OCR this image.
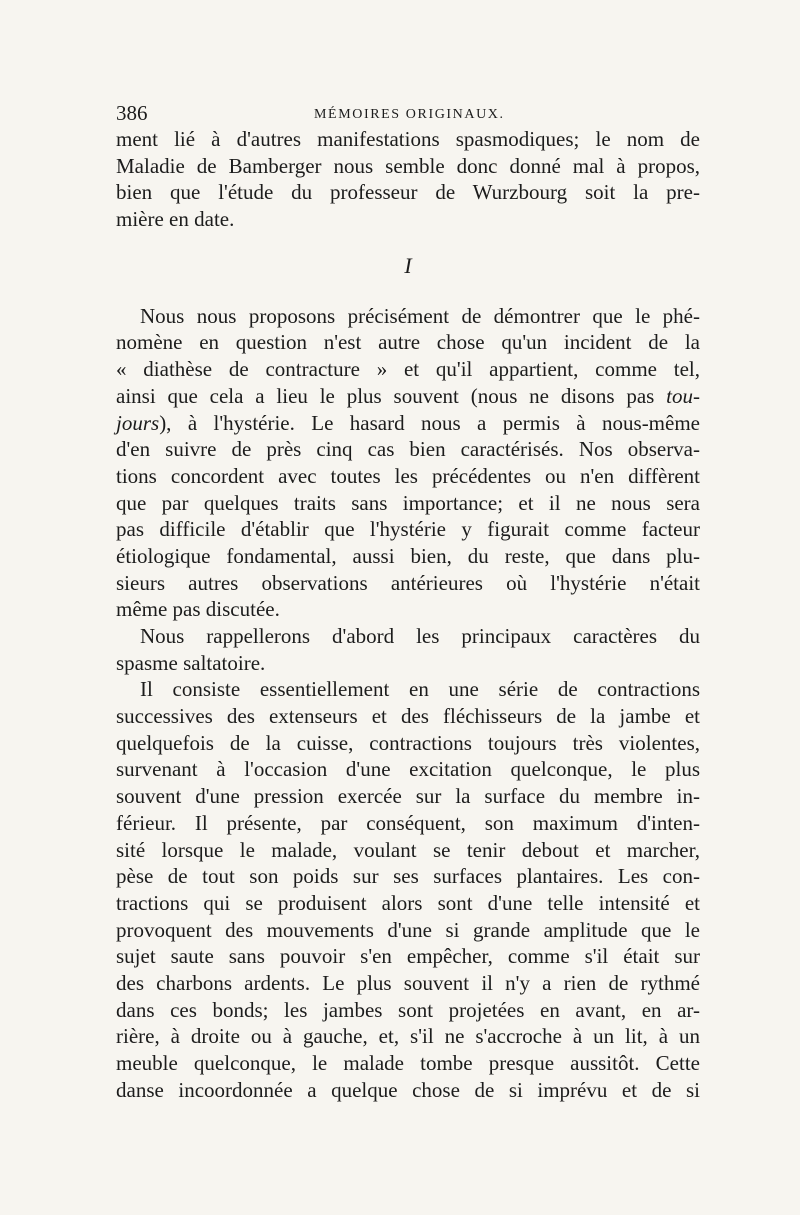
386	MÉMOIRES ORIGINAUX.
ment lié à d'autres manifestations spasmodiques; le nom de
Maladie de Bamberger nous semble donc donné mal à propos,
bien que l'étude du professeur de Wurzbourg soit la pre-
mière en date.
I
Nous nous proposons précisément de démontrer que le phé-
nomène en question n'est autre chose qu'un incident de la
« diathèse de contracture » et qu'il appartient, comme tel,
ainsi que cela a lieu le plus souvent (nous ne disons pas tou-
jours), à l'hystérie. Le hasard nous a permis à nous-même
d'en suivre de près cinq cas bien caractérisés. Nos observa-
tions concordent avec toutes les précédentes ou n'en diffèrent
que par quelques traits sans importance; et il ne nous sera
pas difficile d'établir que l'hystérie y figurait comme facteur
étiologique fondamental, aussi bien, du reste, que dans plu-
sieurs autres observations antérieures où l'hystérie n'était
même pas discutée.
Nous rappellerons d'abord les principaux caractères du
spasme saltatoire.
Il consiste essentiellement en une série de contractions
successives des extenseurs et des fléchisseurs de la jambe et
quelquefois de la cuisse, contractions toujours très violentes,
survenant à l'occasion d'une excitation quelconque, le plus
souvent d'une pression exercée sur la surface du membre in-
férieur. Il présente, par conséquent, son maximum d'inten-
sité lorsque le malade, voulant se tenir debout et marcher,
pèse de tout son poids sur ses surfaces plantaires. Les con-
tractions qui se produisent alors sont d'une telle intensité et
provoquent des mouvements d'une si grande amplitude que le
sujet saute sans pouvoir s'en empêcher, comme s'il était sur
des charbons ardents. Le plus souvent il n'y a rien de rythmé
dans ces bonds; les jambes sont projetées en avant, en ar-
rière, à droite ou à gauche, et, s'il ne s'accroche à un lit, à un
meuble quelconque, le malade tombe presque aussitôt. Cette
danse incoordonnée a quelque chose de si imprévu et de si
